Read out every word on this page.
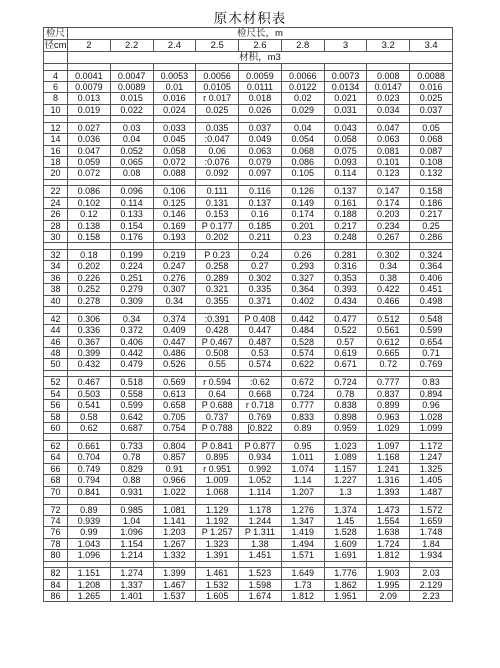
原木材积表
检尺	检尺长，m								
径cm	2	2.2	2.4	2.5	2.6	2.8	3	3.2	3.4
	材积，m3								

4	0.0041	0.0047	0.0053	0.0056	0.0059	0.0066	0.0073	0.008	0.0088
6	0.0079	0.0089	0.01	0.0105	0.0111	0.0122	0.0134	0.0147	0.016
8	0.013	0.015	0.016	r 0.017	0.018	0.02	0.021	0.023	0.025
10	0.019	0.022	0.024	0.025	0.026	0.029	0.031	0.034	0.037

12	0.027	0.03	0.033	0.035	0.037	0.04	0.043	0.047	0.05
14	0.036	0.04	0.045	:0.047	0.049	0.054	0.058	0.063	0.068
16	0.047	0.052	0.058	0.06	0.063	0.068	0.075	0.081	0.087
18	0.059	0.065	0.072	:0.076	0.079	0.086	0.093	0.101	0.108
20	0.072	0.08	0.088	0.092	0.097	0.105	0.114	0.123	0.132

22	0.086	0.096	0.106	0.111	0.116	0.126	0.137	0.147	0.158
24	0.102	0.114	0.125	0.131	0.137	0.149	0.161	0.174	0.186
26	0.12	0.133	0.146	0.153	0.16	0.174	0.188	0.203	0.217
28	0.138	0.154	0.169	P 0.177	0.185	0.201	0.217	0.234	0.25
30	0.158	0.176	0.193	0.202	0.211	0.23	0.248	0.267	0.286

32	0.18	0.199	0.219	P 0.23	0.24	0.26	0.281	0.302	0.324
34	0.202	0.224	0.247	0.258	0.27	0.293	0.316	0.34	0.364
36	0.226	0.251	0.276	0.289	0.302	0.327	0.353	0.38	0.406
38	0.252	0.279	0.307	0.321	0.335	0.364	0.393	0.422	0.451
40	0.278	0.309	0.34	0.355	0.371	0.402	0.434	0.466	0.498

42	0.306	0.34	0.374	:0.391	P 0.408	0.442	0.477	0.512	0.548
44	0.336	0.372	0.409	0.428	0.447	0.484	0.522	0.561	0.599
46	0.367	0.406	0.447	P 0.467	0.487	0.528	0.57	0.612	0.654
48	0.399	0.442	0.486	0.508	0.53	0.574	0.619	0.665	0.71
50	0.432	0.479	0.526	0.55	0.574	0.622	0.671	0.72	0.769

52	0.467	0.518	0.569	r 0.594	:0.62	0.672	0.724	0.777	0.83
54	0.503	0.558	0.613	0.64	0.668	0.724	0.78	0.837	0.894
56	0.541	0.599	0.658	P 0.688	r 0.718	0.777	0.838	0.899	0.96
58	0.58	0.642	0.705	0.737	0.769	0.833	0.898	0.963	1.028
60	0.62	0.687	0.754	P 0.788	[0.822	0.89	0.959	1.029	1.099

62	0.661	0.733	0.804	P 0.841	P 0.877	0.95	1.023	1.097	1.172
64	0.704	0.78	0.857	0.895	0.934	1.011	1.089	1.168	1.247
66	0.749	0.829	0.91	r 0.951	0.992	1.074	1.157	1.241	1.325
68	0.794	0.88	0.966	1.009	1.052	1.14	1.227	1.316	1.405
70	0.841	0.931	1.022	1.068	1.114	1.207	1.3	1.393	1.487

72	0.89	0.985	1.081	1.129	1.178	1.276	1.374	1.473	1.572
74	0.939	1.04	1.141	1.192	1.244	1.347	1.45	1.554	1.659
76	0.99	1.096	1.203	P 1.257	P 1.311	1.419	1.528	1.638	1.748
78	1.043	1.154	1.267	1.323	1.38	1.494	1.609	1.724	1.84
80	1.096	1.214	1.332	1.391	1.451	1.571	1.691	1.812	1.934

82	1.151	1.274	1.399	1.461	1.523	1.649	1.776	1.903	2.03
84	1.208	1.337	1.467	1.532	1.598	1.73	1.862	1.995	2.129
86	1.265	1.401	1.537	1.605	1.674	1.812	1.951	2.09	2.23
